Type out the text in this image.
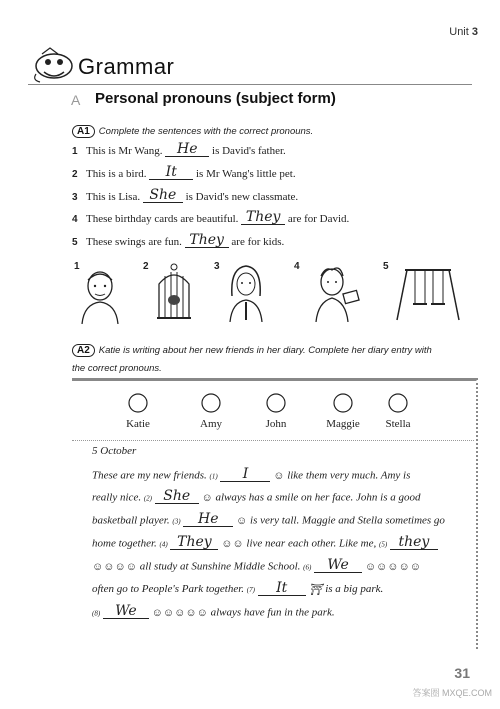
Unit 3
Grammar
A Personal pronouns (subject form)
A1 Complete the sentences with the correct pronouns.
1 This is Mr Wang. He is David's father.
2 This is a bird. It is Mr Wang's little pet.
3 This is Lisa. She is David's new classmate.
4 These birthday cards are beautiful. They are for David.
5 These swings are fun. They are for kids.
1	2	3	4	5
A2 Katie is writing about her new friends in her diary. Complete her diary entry with
the correct pronouns.
Katie	Amy	John	Maggie	Stella
5 October
These are my new friends. (1) I ☺ like them very much. Amy is
really nice. (2) She ☺ always has a smile on her face. John is a good
basketball player. (3) He ☺ is very tall. Maggie and Stella sometimes go
home together. (4) They ☺☺ live near each other. Like me, (5) they
☺☺☺☺ all study at Sunshine Middle School. (6) We ☺☺☺☺☺
often go to People's Park together. (7) It ⛩ is a big park.
(8) We ☺☺☺☺☺ always have fun in the park.
31
答案圈 MXQE.COM
